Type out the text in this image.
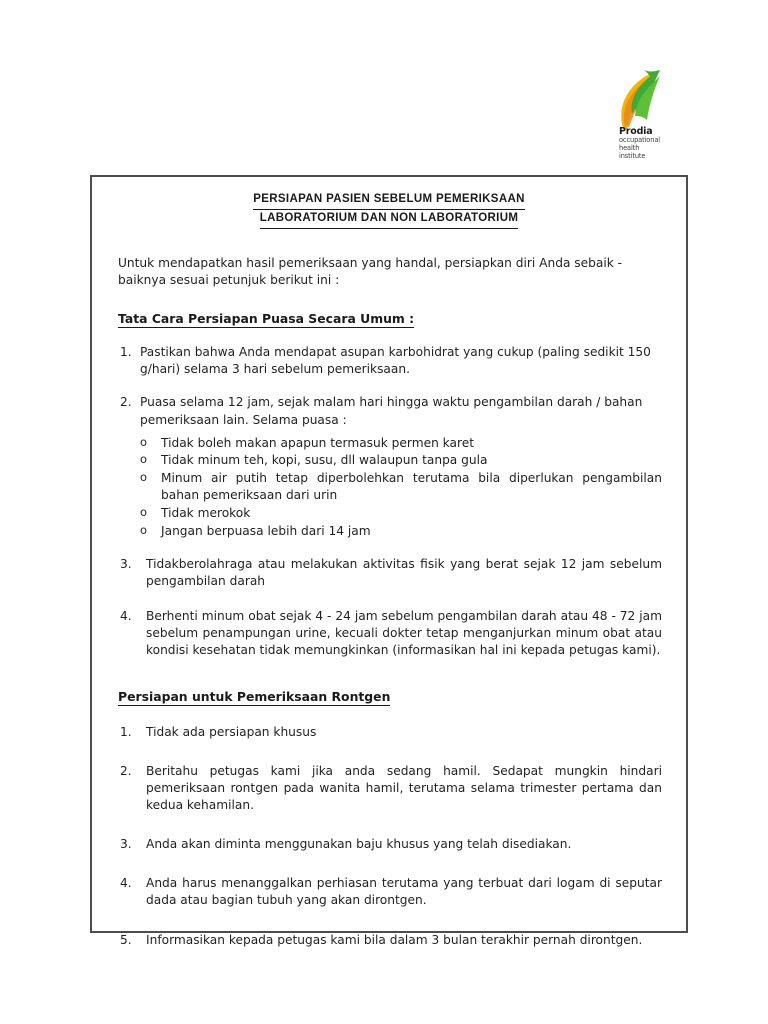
Prodia
occupational
health
institute
PERSIAPAN PASIEN SEBELUM PEMERIKSAAN
LABORATORIUM DAN NON LABORATORIUM

Untuk mendapatkan hasil pemeriksaan yang handal, persiapkan diri Anda sebaik - baiknya sesuai petunjuk berikut ini :

Tata Cara Persiapan Puasa Secara Umum :
1. Pastikan bahwa Anda mendapat asupan karbohidrat yang cukup (paling sedikit 150 g/hari) selama 3 hari sebelum pemeriksaan.
2. Puasa selama 12 jam, sejak malam hari hingga waktu pengambilan darah / bahan pemeriksaan lain. Selama puasa :
o	Tidak boleh makan apapun termasuk permen karet
o	Tidak minum teh, kopi, susu, dll walaupun tanpa gula
o	Minum air putih tetap diperbolehkan terutama bila diperlukan pengambilan bahan pemeriksaan dari urin
o	Tidak merokok
o	Jangan berpuasa lebih dari 14 jam
3.	Tidakberolahraga atau melakukan aktivitas fisik yang berat sejak 12 jam sebelum pengambilan darah
4.	Berhenti minum obat sejak 4 - 24 jam sebelum pengambilan darah atau 48 - 72 jam sebelum penampungan urine, kecuali dokter tetap menganjurkan minum obat atau kondisi kesehatan tidak memungkinkan (informasikan hal ini kepada petugas kami).
Persiapan untuk Pemeriksaan Rontgen
1.	Tidak ada persiapan khusus
2.	Beritahu petugas kami jika anda sedang hamil. Sedapat mungkin hindari pemeriksaan rontgen pada wanita hamil, terutama selama trimester pertama dan kedua kehamilan.
3.	Anda akan diminta menggunakan baju khusus yang telah disediakan.
4.	Anda harus menanggalkan perhiasan terutama yang terbuat dari logam di seputar dada atau bagian tubuh yang akan dirontgen.
5.	Informasikan kepada petugas kami bila dalam 3 bulan terakhir pernah dirontgen.
